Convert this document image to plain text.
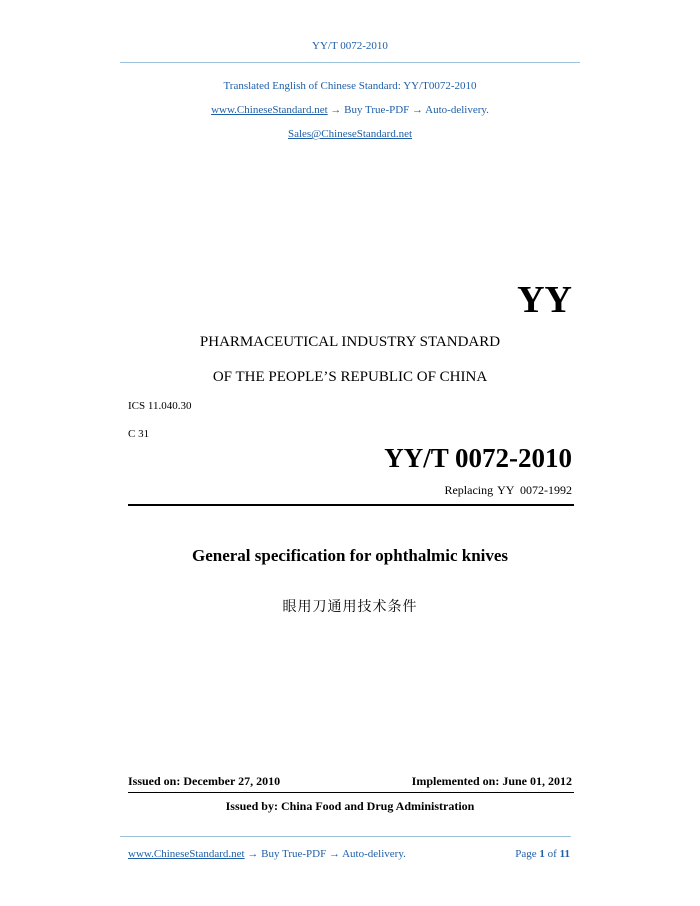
YY/T 0072-2010
Translated English of Chinese Standard: YY/T0072-2010
www.ChineseStandard.net → Buy True-PDF → Auto-delivery.
Sales@ChineseStandard.net
YY
PHARMACEUTICAL INDUSTRY STANDARD
OF THE PEOPLE’S REPUBLIC OF CHINA
ICS 11.040.30
C 31
YY/T 0072-2010
Replacing YY  0072-1992
General specification for ophthalmic knives
眼用刀通用技术条件
Issued on: December 27, 2010	Implemented on: June 01, 2012
Issued by: China Food and Drug Administration
www.ChineseStandard.net → Buy True-PDF → Auto-delivery.	Page 1 of 11
